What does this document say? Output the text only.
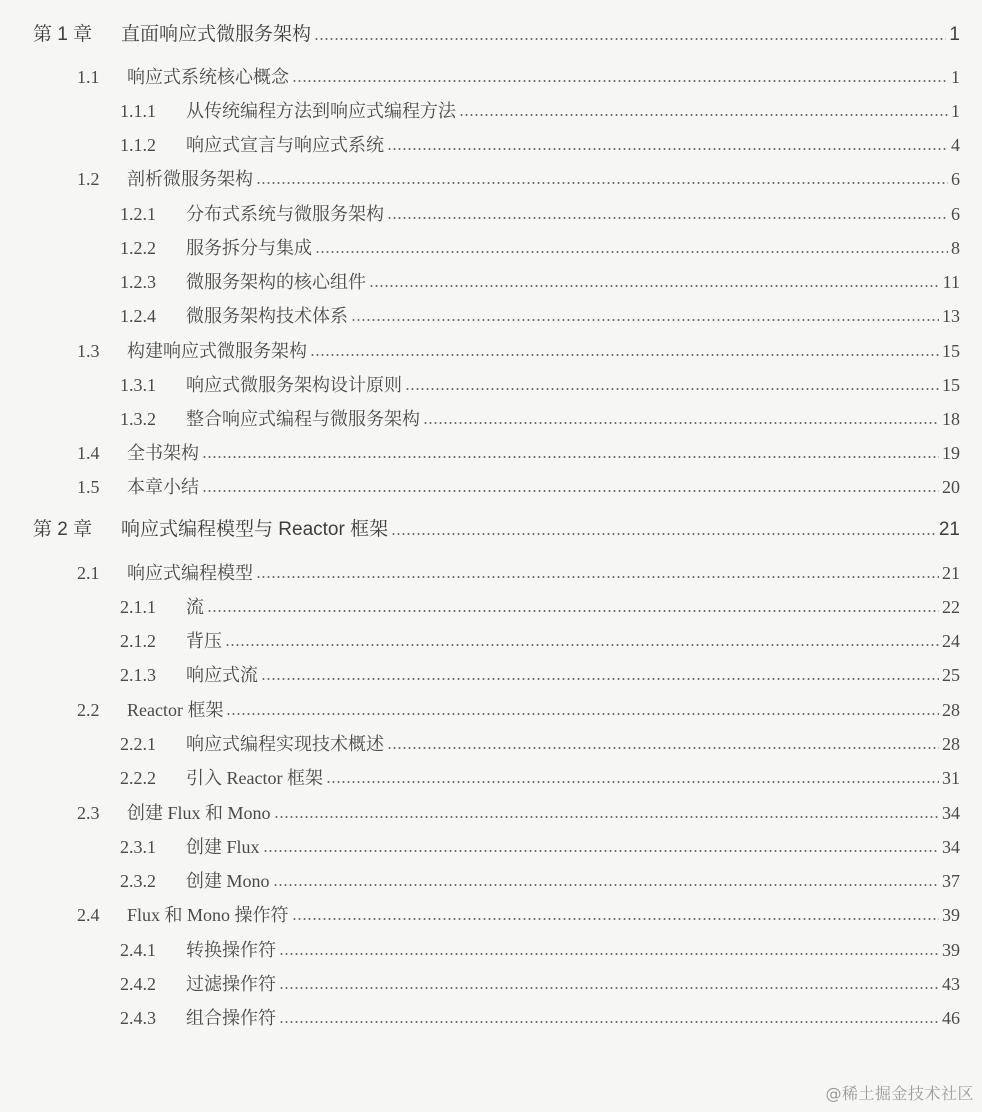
第 1 章	直面响应式微服务架构	1
1.1	响应式系统核心概念	1
1.1.1	从传统编程方法到响应式编程方法	1
1.1.2	响应式宣言与响应式系统	4
1.2	剖析微服务架构	6
1.2.1	分布式系统与微服务架构	6
1.2.2	服务拆分与集成	8
1.2.3	微服务架构的核心组件	11
1.2.4	微服务架构技术体系	13
1.3	构建响应式微服务架构	15
1.3.1	响应式微服务架构设计原则	15
1.3.2	整合响应式编程与微服务架构	18
1.4	全书架构	19
1.5	本章小结	20
第 2 章	响应式编程模型与 Reactor 框架	21
2.1	响应式编程模型	21
2.1.1	流	22
2.1.2	背压	24
2.1.3	响应式流	25
2.2	Reactor 框架	28
2.2.1	响应式编程实现技术概述	28
2.2.2	引入 Reactor 框架	31
2.3	创建 Flux 和 Mono	34
2.3.1	创建 Flux	34
2.3.2	创建 Mono	37
2.4	Flux 和 Mono 操作符	39
2.4.1	转换操作符	39
2.4.2	过滤操作符	43
2.4.3	组合操作符	46
@稀土掘金技术社区
